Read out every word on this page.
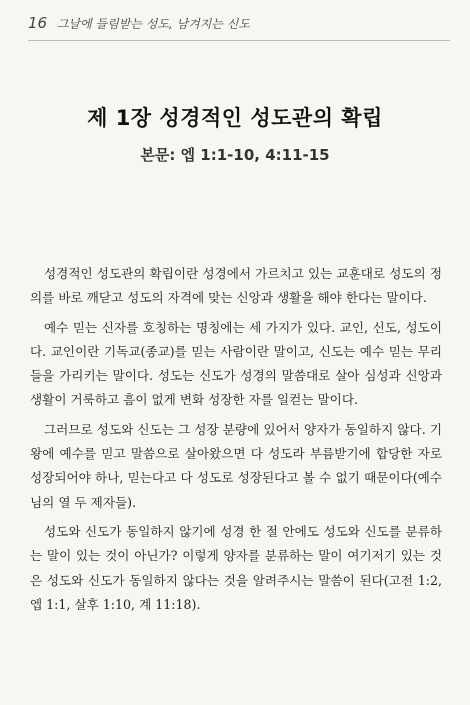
16 그날에 들림받는 성도, 남겨지는 신도
제 1장 성경적인 성도관의 확립
본문: 엡 1:1-10, 4:11-15

성경적인 성도관의 확립이란 성경에서 가르치고 있는 교훈대로 성도의 정의를 바로 깨닫고 성도의 자격에 맞는 신앙과 생활을 해야 한다는 말이다.

예수 믿는 신자를 호칭하는 명칭에는 세 가지가 있다. 교인, 신도, 성도이다. 교인이란 기독교(종교)를 믿는 사람이란 말이고, 신도는 예수 믿는 무리들을 가리키는 말이다. 성도는 신도가 성경의 말씀대로 살아 심성과 신앙과 생활이 거룩하고 흠이 없게 변화 성장한 자를 일컫는 말이다.

그러므로 성도와 신도는 그 성장 분량에 있어서 양자가 동일하지 않다. 기왕에 예수를 믿고 말씀으로 살아왔으면 다 성도라 부름받기에 합당한 자로 성장되어야 하나, 믿는다고 다 성도로 성장된다고 볼 수 없기 때문이다(예수님의 열 두 제자들).

성도와 신도가 동일하지 않기에 성경 한 절 안에도 성도와 신도를 분류하는 말이 있는 것이 아닌가? 이렇게 양자를 분류하는 말이 여기저기 있는 것은 성도와 신도가 동일하지 않다는 것을 알려주시는 말씀이 된다(고전 1:2, 엡 1:1, 살후 1:10, 계 11:18).
